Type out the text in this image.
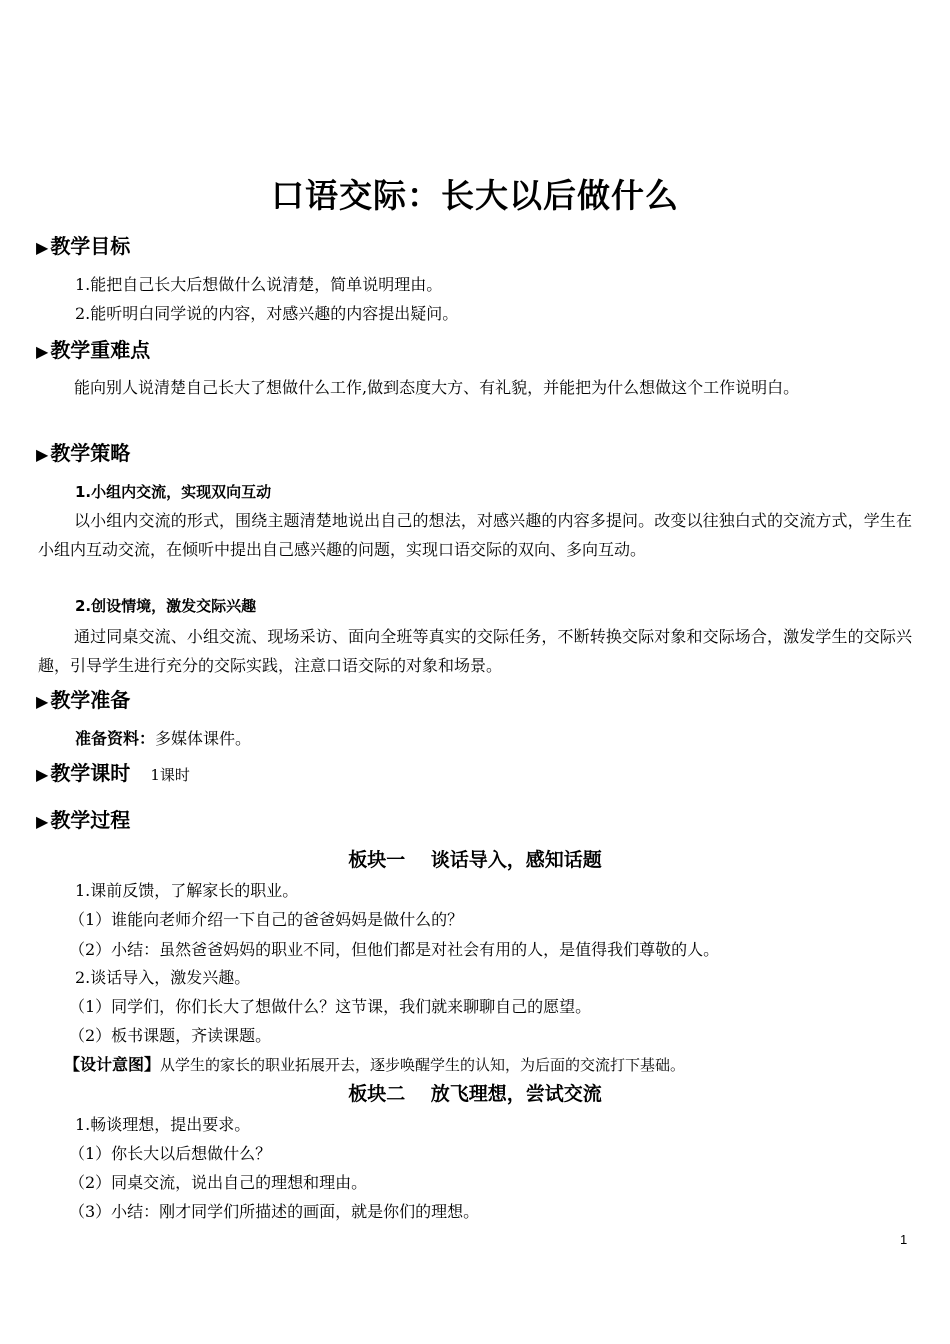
口语交际：长大以后做什么
▶ 教学目标
1.能把自己长大后想做什么说清楚，简单说明理由。
2.能听明白同学说的内容，对感兴趣的内容提出疑问。
▶ 教学重难点
能向别人说清楚自己长大了想做什么工作,做到态度大方、有礼貌，并能把为什么想做这个工作说明白。
▶ 教学策略
1.小组内交流，实现双向互动
以小组内交流的形式，围绕主题清楚地说出自己的想法，对感兴趣的内容多提问。改变以往独白式的交流方式，学生在小组内互动交流，在倾听中提出自己感兴趣的问题，实现口语交际的双向、多向互动。
2.创设情境，激发交际兴趣
通过同桌交流、小组交流、现场采访、面向全班等真实的交际任务，不断转换交际对象和交际场合，激发学生的交际兴趣，引导学生进行充分的交际实践，注意口语交际的对象和场景。
▶ 教学准备
准备资料：多媒体课件。
▶ 教学课时 1课时
▶ 教学过程
板块一　 谈话导入，感知话题
1.课前反馈，了解家长的职业。
（1）谁能向老师介绍一下自己的爸爸妈妈是做什么的？
（2）小结：虽然爸爸妈妈的职业不同，但他们都是对社会有用的人，是值得我们尊敬的人。
2.谈话导入，激发兴趣。
（1）同学们，你们长大了想做什么？这节课，我们就来聊聊自己的愿望。
（2）板书课题，齐读课题。
【设计意图】从学生的家长的职业拓展开去，逐步唤醒学生的认知，为后面的交流打下基础。
板块二　 放飞理想，尝试交流
1.畅谈理想，提出要求。
（1）你长大以后想做什么？
（2）同桌交流，说出自己的理想和理由。
（3）小结：刚才同学们所描述的画面，就是你们的理想。
1
